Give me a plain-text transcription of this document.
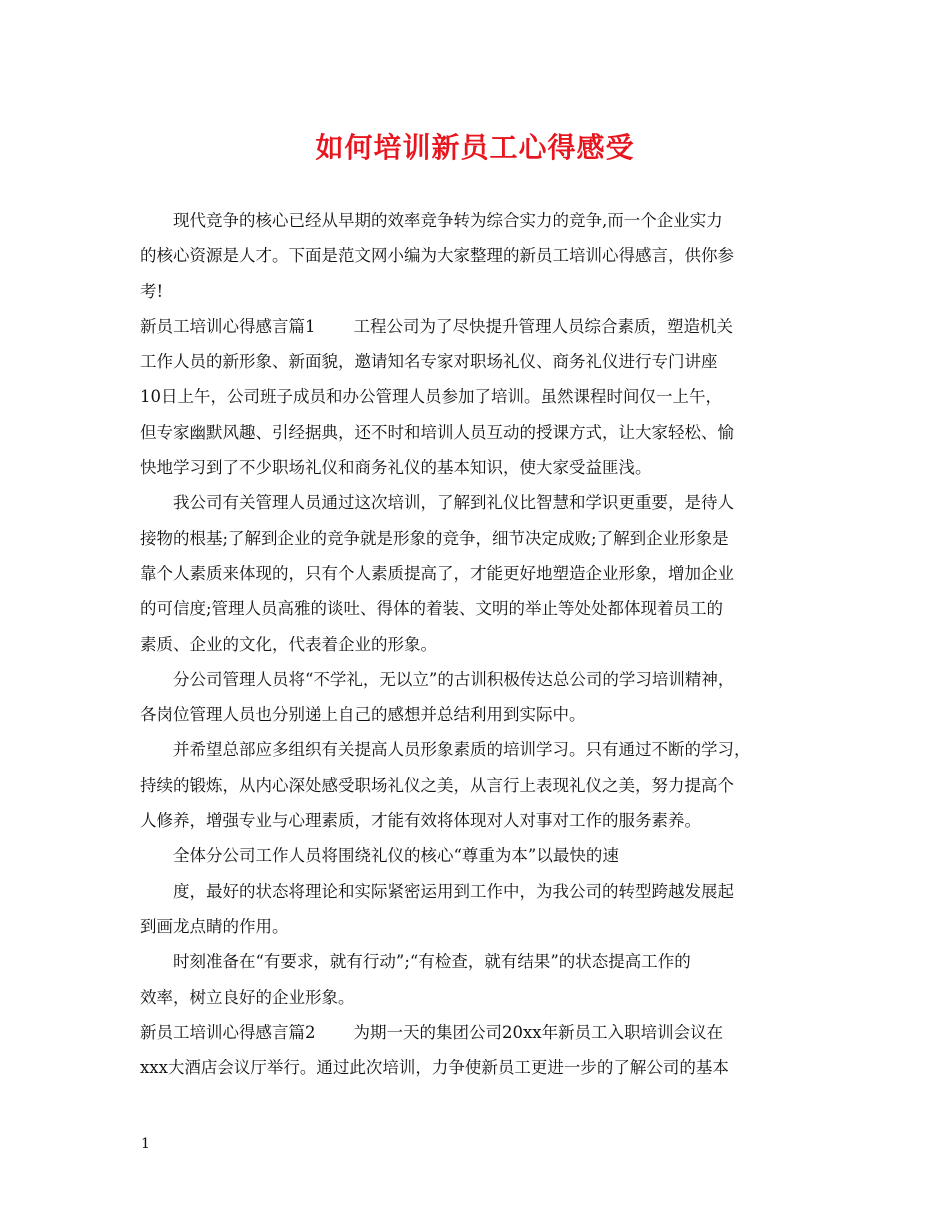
如何培训新员工心得感受
现代竞争的核心已经从早期的效率竞争转为综合实力的竞争,而一个企业实力
的核心资源是人才。下面是范文网小编为大家整理的新员工培训心得感言，供你参
考!
新员工培训心得感言篇1 工程公司为了尽快提升管理人员综合素质，塑造机关
工作人员的新形象、新面貌，邀请知名专家对职场礼仪、商务礼仪进行专门讲座
10日上午，公司班子成员和办公管理人员参加了培训。虽然课程时间仅一上午，
但专家幽默风趣、引经据典，还不时和培训人员互动的授课方式，让大家轻松、愉
快地学习到了不少职场礼仪和商务礼仪的基本知识，使大家受益匪浅。
我公司有关管理人员通过这次培训，了解到礼仪比智慧和学识更重要，是待人
接物的根基;了解到企业的竞争就是形象的竞争，细节决定成败;了解到企业形象是
靠个人素质来体现的，只有个人素质提高了，才能更好地塑造企业形象，增加企业
的可信度;管理人员高雅的谈吐、得体的着装、文明的举止等处处都体现着员工的
素质、企业的文化，代表着企业的形象。
分公司管理人员将“不学礼，无以立”的古训积极传达总公司的学习培训精神，
各岗位管理人员也分别递上自己的感想并总结利用到实际中。
并希望总部应多组织有关提高人员形象素质的培训学习。只有通过不断的学习，
持续的锻炼，从内心深处感受职场礼仪之美，从言行上表现礼仪之美，努力提高个
人修养，增强专业与心理素质，才能有效将体现对人对事对工作的服务素养。
全体分公司工作人员将围绕礼仪的核心“尊重为本”以最快的速
度，最好的状态将理论和实际紧密运用到工作中，为我公司的转型跨越发展起
到画龙点睛的作用。
时刻准备在“有要求，就有行动”;“有检查，就有结果”的状态提高工作的
效率，树立良好的企业形象。
新员工培训心得感言篇2 为期一天的集团公司20xx年新员工入职培训会议在
xxx大酒店会议厅举行。通过此次培训，力争使新员工更进一步的了解公司的基本
1
